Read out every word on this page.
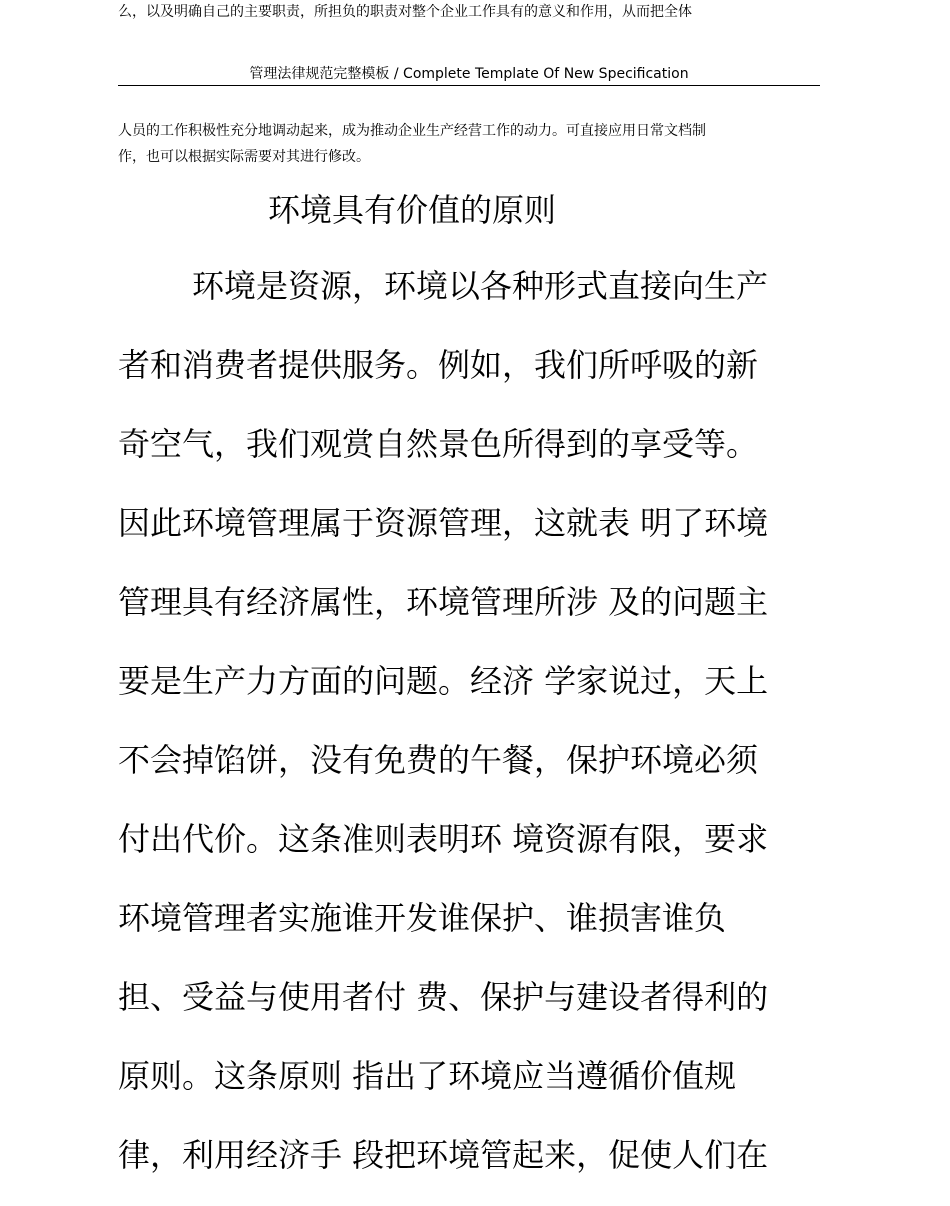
么，以及明确自己的主要职责，所担负的职责对整个企业工作具有的意义和作用，从而把全体
管理法律规范完整模板 / Complete Template Of New Specification

人员的工作积极性充分地调动起来，成为推动企业生产经营工作的动力。可直接应用日常文档制

作，也可以根据实际需要对其进行修改。

环境具有价值的原则
环境是资源，环境以各种形式直接向生产
者和消费者提供服务。例如，我们所呼吸的新
奇空气，我们观赏自然景色所得到的享受等。
因此环境管理属于资源管理，这就表 明了环境
管理具有经济属性，环境管理所涉 及的问题主
要是生产力方面的问题。经济 学家说过，天上
不会掉馅饼，没有免费的午餐，保护环境必须
付出代价。这条准则表明环 境资源有限，要求
环境管理者实施谁开发谁保护、谁损害谁负
担、受益与使用者付 费、保护与建设者得利的
原则。这条原则 指出了环境应当遵循价值规
律，利用经济手 段把环境管起来，促使人们在
